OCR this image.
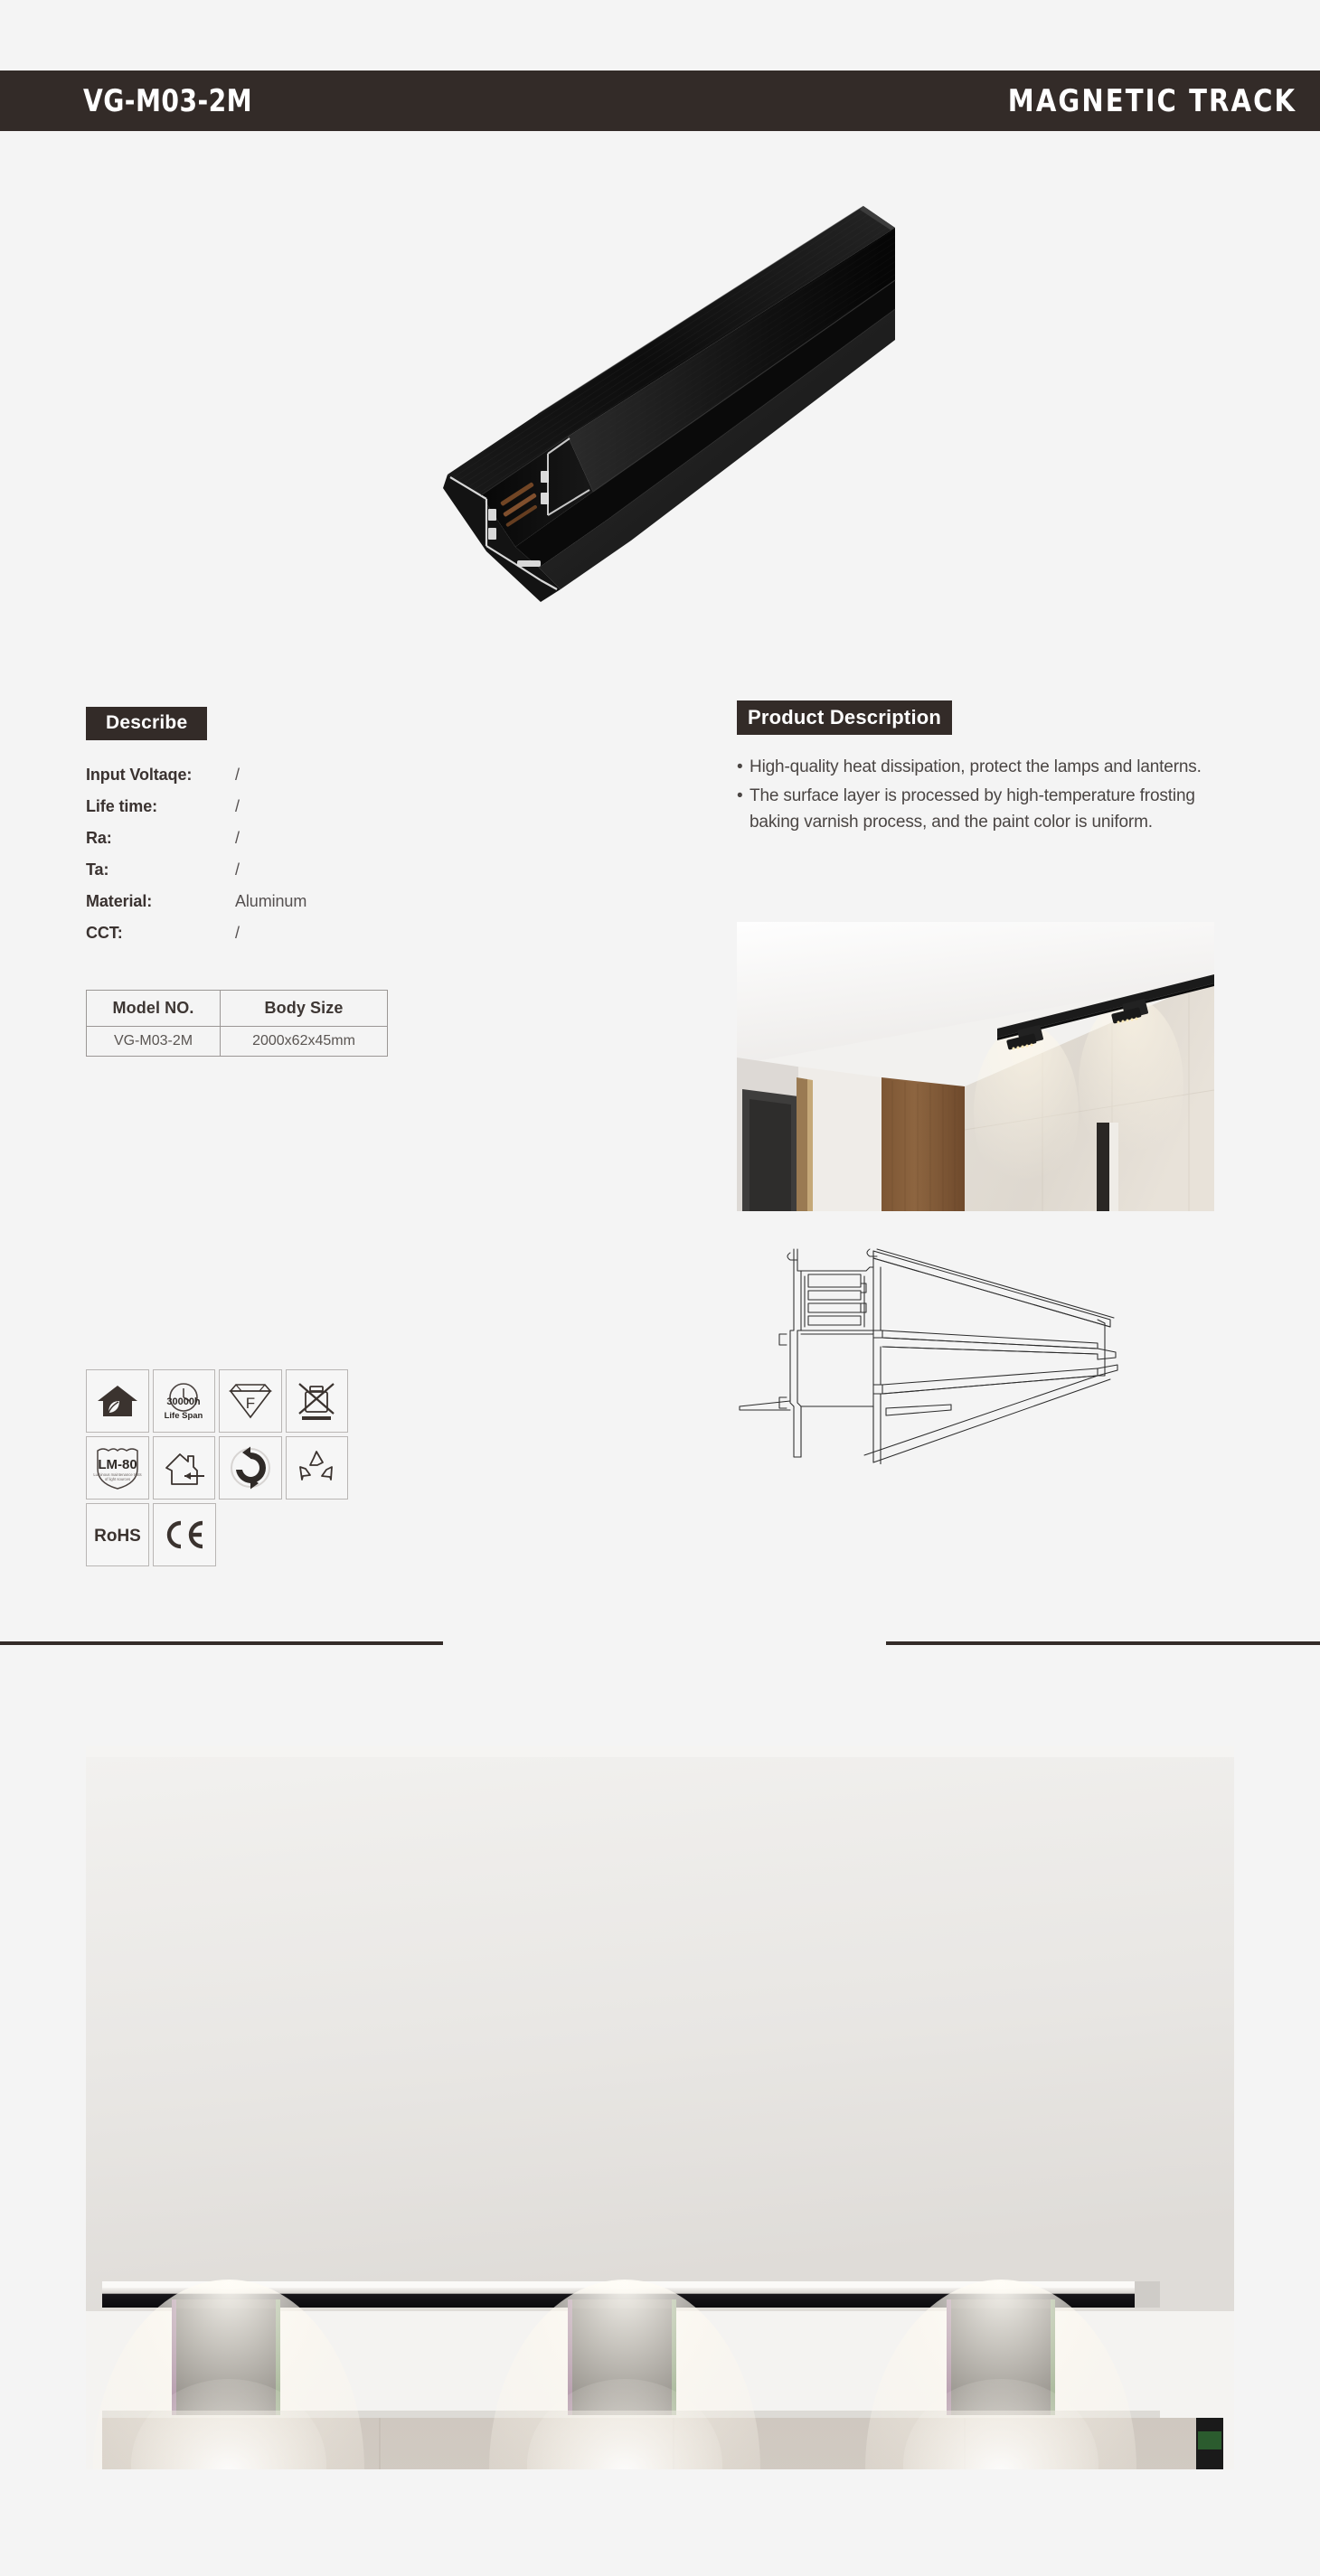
VG-M03-2M	MAGNETIC TRACK
Describe
Input Voltaqe:	/
Life time:	/
Ra:	/
Ta:	/
Material:	Aluminum
CCT:	/
Model NO.	Body Size
VG-M03-2M	2000x62x45mm
30000h
Life Span
F
LM-80
Luminous maintenance tests
of light sources
RoHS
Product Description
• High-quality heat dissipation, protect the lamps and lanterns.
• The surface layer is processed by high-temperature frosting baking varnish process, and the paint color is uniform.
